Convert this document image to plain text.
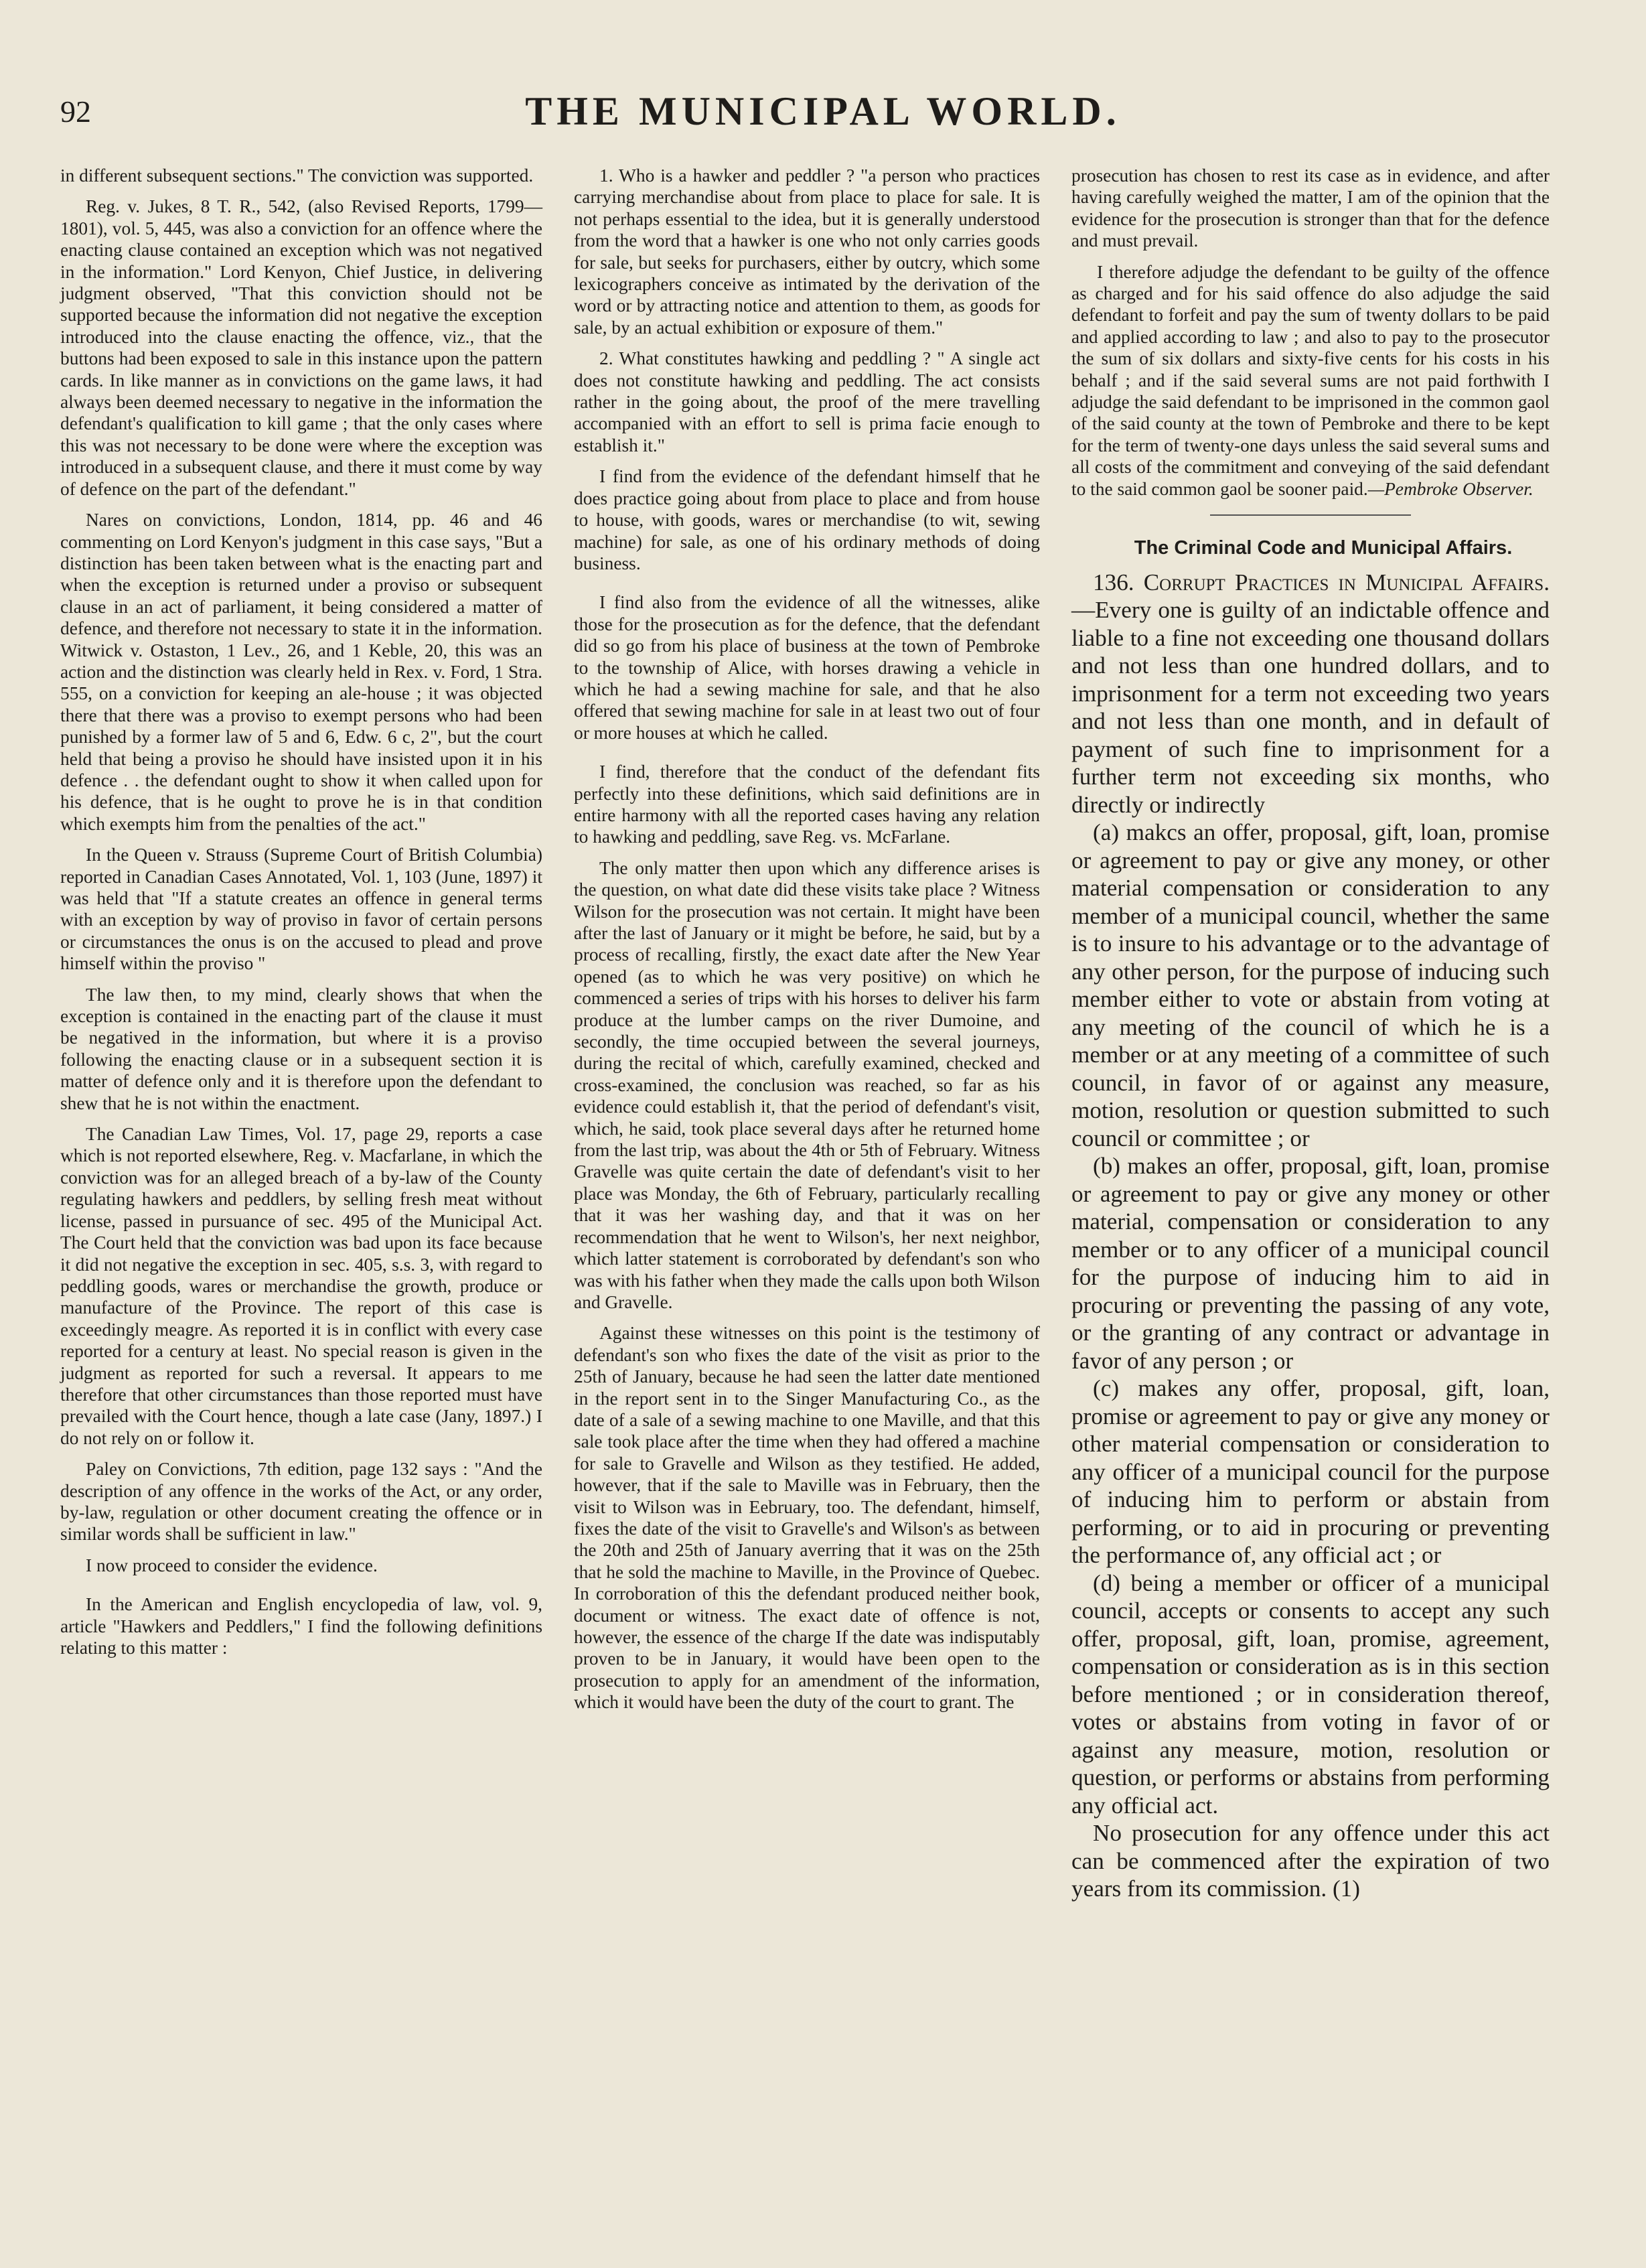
92	THE MUNICIPAL WORLD.

in different subsequent sections." The conviction was supported.

Reg. v. Jukes, 8 T. R., 542, (also Revised Reports, 1799—1801), vol. 5, 445, was also a conviction for an offence where the enacting clause contained an exception which was not negatived in the information." Lord Kenyon, Chief Justice, in delivering judgment observed, "That this conviction should not be supported because the information did not negative the exception introduced into the clause enacting the offence, viz., that the buttons had been exposed to sale in this instance upon the pattern cards. In like manner as in convictions on the game laws, it had always been deemed necessary to negative in the information the defendant's qualification to kill game ; that the only cases where this was not necessary to be done were where the exception was introduced in a subsequent clause, and there it must come by way of defence on the part of the defendant."

Nares on convictions, London, 1814, pp. 46 and 46 commenting on Lord Kenyon's judgment in this case says, "But a distinction has been taken between what is the enacting part and when the exception is returned under a proviso or subsequent clause in an act of parliament, it being considered a matter of defence, and therefore not necessary to state it in the information. Witwick v. Ostaston, 1 Lev., 26, and 1 Keble, 20, this was an action and the distinction was clearly held in Rex. v. Ford, 1 Stra. 555, on a conviction for keeping an ale-house ; it was objected there that there was a proviso to exempt persons who had been punished by a former law of 5 and 6, Edw. 6 c, 2", but the court held that being a proviso he should have insisted upon it in his defence . . the defendant ought to show it when called upon for his defence, that is he ought to prove he is in that condition which exempts him from the penalties of the act."

In the Queen v. Strauss (Supreme Court of British Columbia) reported in Canadian Cases Annotated, Vol. 1, 103 (June, 1897) it was held that "If a statute creates an offence in general terms with an exception by way of proviso in favor of certain persons or circumstances the onus is on the accused to plead and prove himself within the proviso "

The law then, to my mind, clearly shows that when the exception is contained in the enacting part of the clause it must be negatived in the information, but where it is a proviso following the enacting clause or in a subsequent section it is matter of defence only and it is therefore upon the defendant to shew that he is not within the enactment.

The Canadian Law Times, Vol. 17, page 29, reports a case which is not reported elsewhere, Reg. v. Macfarlane, in which the conviction was for an alleged breach of a by-law of the County regulating hawkers and peddlers, by selling fresh meat without license, passed in pursuance of sec. 495 of the Municipal Act. The Court held that the conviction was bad upon its face because it did not negative the exception in sec. 405, s.s. 3, with regard to peddling goods, wares or merchandise the growth, produce or manufacture of the Province. The report of this case is exceedingly meagre. As reported it is in conflict with every case reported for a century at least. No special reason is given in the judgment as reported for such a reversal. It appears to me therefore that other circumstances than those reported must have prevailed with the Court hence, though a late case (Jany, 1897.) I do not rely on or follow it.

Paley on Convictions, 7th edition, page 132 says : "And the description of any offence in the works of the Act, or any order, by-law, regulation or other document creating the offence or in similar words shall be sufficient in law."

I now proceed to consider the evidence.

In the American and English encyclopedia of law, vol. 9, article "Hawkers and Peddlers," I find the following definitions relating to this matter :

1. Who is a hawker and peddler ? "a person who practices carrying merchandise about from place to place for sale. It is not perhaps essential to the idea, but it is generally understood from the word that a hawker is one who not only carries goods for sale, but seeks for purchasers, either by outcry, which some lexicographers conceive as intimated by the derivation of the word or by attracting notice and attention to them, as goods for sale, by an actual exhibition or exposure of them."

2. What constitutes hawking and peddling ? " A single act does not constitute hawking and peddling. The act consists rather in the going about, the proof of the mere travelling accompanied with an effort to sell is prima facie enough to establish it."

I find from the evidence of the defendant himself that he does practice going about from place to place and from house to house, with goods, wares or merchandise (to wit, sewing machine) for sale, as one of his ordinary methods of doing business.

I find also from the evidence of all the witnesses, alike those for the prosecution as for the defence, that the defendant did so go from his place of business at the town of Pembroke to the township of Alice, with horses drawing a vehicle in which he had a sewing machine for sale, and that he also offered that sewing machine for sale in at least two out of four or more houses at which he called.

I find, therefore that the conduct of the defendant fits perfectly into these definitions, which said definitions are in entire harmony with all the reported cases having any relation to hawking and peddling, save Reg. vs. McFarlane.

The only matter then upon which any difference arises is the question, on what date did these visits take place ? Witness Wilson for the prosecution was not certain. It might have been after the last of January or it might be before, he said, but by a process of recalling, firstly, the exact date after the New Year opened (as to which he was very positive) on which he commenced a series of trips with his horses to deliver his farm produce at the lumber camps on the river Dumoine, and secondly, the time occupied between the several journeys, during the recital of which, carefully examined, checked and cross-examined, the conclusion was reached, so far as his evidence could establish it, that the period of defendant's visit, which, he said, took place several days after he returned home from the last trip, was about the 4th or 5th of February. Witness Gravelle was quite certain the date of defendant's visit to her place was Monday, the 6th of February, particularly recalling that it was her washing day, and that it was on her recommendation that he went to Wilson's, her next neighbor, which latter statement is corroborated by defendant's son who was with his father when they made the calls upon both Wilson and Gravelle.

Against these witnesses on this point is the testimony of defendant's son who fixes the date of the visit as prior to the 25th of January, because he had seen the latter date mentioned in the report sent in to the Singer Manufacturing Co., as the date of a sale of a sewing machine to one Maville, and that this sale took place after the time when they had offered a machine for sale to Gravelle and Wilson as they testified. He added, however, that if the sale to Maville was in February, then the visit to Wilson was in Eebruary, too. The defendant, himself, fixes the date of the visit to Gravelle's and Wilson's as between the 20th and 25th of January averring that it was on the 25th that he sold the machine to Maville, in the Province of Quebec. In corroboration of this the defendant produced neither book, document or witness. The exact date of offence is not, however, the essence of the charge If the date was indisputably proven to be in January, it would have been open to the prosecution to apply for an amendment of the information, which it would have been the duty of the court to grant. The

prosecution has chosen to rest its case as in evidence, and after having carefully weighed the matter, I am of the opinion that the evidence for the prosecution is stronger than that for the defence and must prevail.

I therefore adjudge the defendant to be guilty of the offence as charged and for his said offence do also adjudge the said defendant to forfeit and pay the sum of twenty dollars to be paid and applied according to law ; and also to pay to the prosecutor the sum of six dollars and sixty-five cents for his costs in his behalf ; and if the said several sums are not paid forthwith I adjudge the said defendant to be imprisoned in the common gaol of the said county at the town of Pembroke and there to be kept for the term of twenty-one days unless the said several sums and all costs of the commitment and conveying of the said defendant to the said common gaol be sooner paid.—Pembroke Observer.

The Criminal Code and Municipal Affairs.

136. Corrupt Practices in Municipal Affairs.—Every one is guilty of an indictable offence and liable to a fine not exceeding one thousand dollars and not less than one hundred dollars, and to imprisonment for a term not exceeding two years and not less than one month, and in default of payment of such fine to imprisonment for a further term not exceeding six months, who directly or indirectly

(a) makcs an offer, proposal, gift, loan, promise or agreement to pay or give any money, or other material compensation or consideration to any member of a municipal council, whether the same is to insure to his advantage or to the advantage of any other person, for the purpose of inducing such member either to vote or abstain from voting at any meeting of the council of which he is a member or at any meeting of a committee of such council, in favor of or against any measure, motion, resolution or question submitted to such council or committee ; or

(b) makes an offer, proposal, gift, loan, promise or agreement to pay or give any money or other material, compensation or consideration to any member or to any officer of a municipal council for the purpose of inducing him to aid in procuring or preventing the passing of any vote, or the granting of any contract or advantage in favor of any person ; or

(c) makes any offer, proposal, gift, loan, promise or agreement to pay or give any money or other material compensation or consideration to any officer of a municipal council for the purpose of inducing him to perform or abstain from performing, or to aid in procuring or preventing the performance of, any official act ; or

(d) being a member or officer of a municipal council, accepts or consents to accept any such offer, proposal, gift, loan, promise, agreement, compensation or consideration as is in this section before mentioned ; or in consideration thereof, votes or abstains from voting in favor of or against any measure, motion, resolution or question, or performs or abstains from performing any official act.

No prosecution for any offence under this act can be commenced after the expiration of two years from its commission. (1)
